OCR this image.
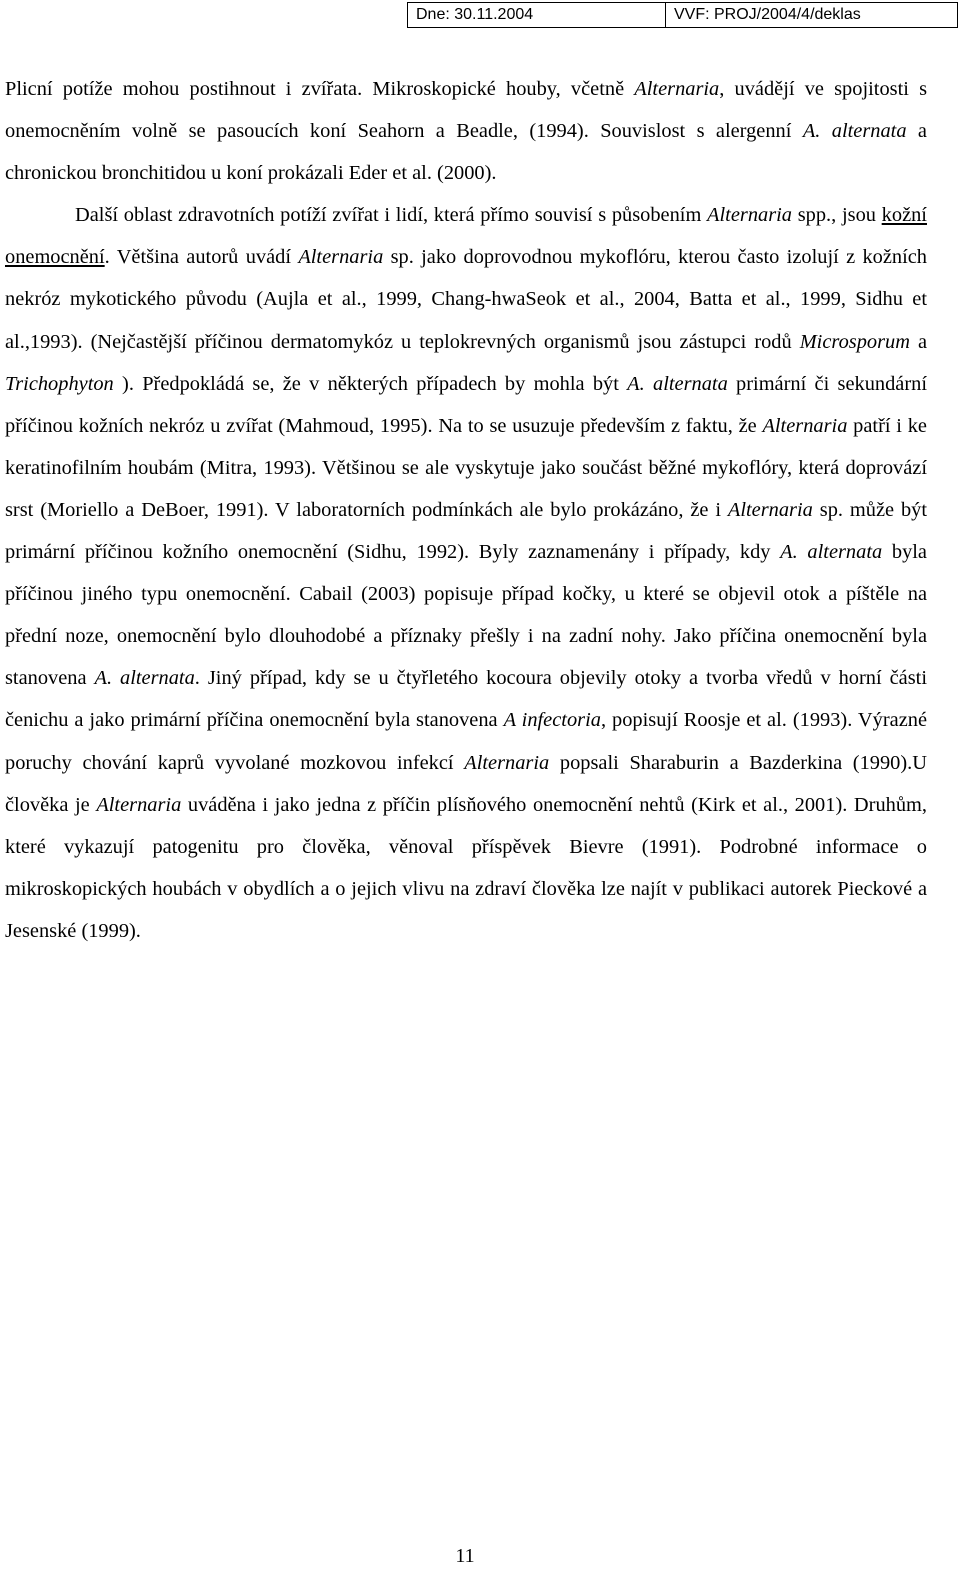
Dne: 30.11.2004	VVF: PROJ/2004/4/deklas

Plicní potíže mohou postihnout i zvířata. Mikroskopické houby, včetně Alternaria, uvádějí ve spojitosti s onemocněním volně se pasoucích koní Seahorn a Beadle, (1994). Souvislost s alergenní A. alternata a chronickou bronchitidou u koní prokázali Eder et al. (2000).

Další oblast zdravotních potíží zvířat i lidí, která přímo souvisí s působením Alternaria spp., jsou kožní onemocnění. Většina autorů uvádí Alternaria sp. jako doprovodnou mykoflóru, kterou často izolují z kožních nekróz mykotického původu (Aujla et al., 1999, Chang-hwaSeok et al., 2004, Batta et al., 1999, Sidhu et al.,1993). (Nejčastější příčinou dermatomykóz u teplokrevných organismů jsou zástupci rodů Microsporum a Trichophyton ). Předpokládá se, že v některých případech by mohla být A. alternata primární či sekundární příčinou kožních nekróz u zvířat (Mahmoud, 1995). Na to se usuzuje především z faktu, že Alternaria patří i ke keratinofilním houbám (Mitra, 1993). Většinou se ale vyskytuje jako součást běžné mykoflóry, která doprovází srst (Moriello a DeBoer, 1991). V laboratorních podmínkách ale bylo prokázáno, že i Alternaria sp. může být primární příčinou kožního onemocnění (Sidhu, 1992). Byly zaznamenány i případy, kdy A. alternata byla příčinou jiného typu onemocnění. Cabail (2003) popisuje případ kočky, u které se objevil otok a píštěle na přední noze, onemocnění bylo dlouhodobé a příznaky přešly i na zadní nohy. Jako příčina onemocnění byla stanovena A. alternata. Jiný případ, kdy se u čtyřletého kocoura objevily otoky a tvorba vředů v horní části čenichu a jako primární příčina onemocnění byla stanovena A infectoria, popisují Roosje et al. (1993). Výrazné poruchy chování kaprů vyvolané mozkovou infekcí Alternaria popsali Sharaburin a Bazderkina (1990).U člověka je Alternaria uváděna i jako jedna z příčin plísňového onemocnění nehtů (Kirk et al., 2001). Druhům, které vykazují patogenitu pro člověka, věnoval příspěvek Bievre (1991). Podrobné informace o mikroskopických houbách v obydlích a o jejich vlivu na zdraví člověka lze najít v publikaci autorek Pieckové a Jesenské (1999).

11
